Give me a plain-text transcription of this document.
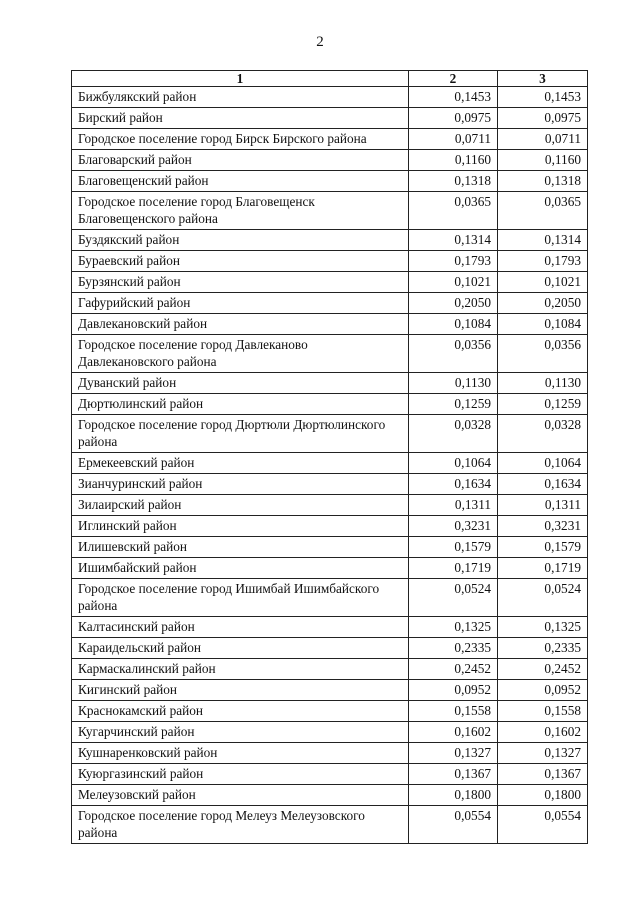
2
1	2	3
Бижбулякский район	0,1453	0,1453
Бирский район	0,0975	0,0975
Городское поселение город Бирск Бирского района	0,0711	0,0711
Благоварский район	0,1160	0,1160
Благовещенский район	0,1318	0,1318
Городское поселение город Благовещенск Благовещенского района	0,0365	0,0365
Буздякский район	0,1314	0,1314
Бураевский район	0,1793	0,1793
Бурзянский район	0,1021	0,1021
Гафурийский район	0,2050	0,2050
Давлекановский район	0,1084	0,1084
Городское поселение город Давлеканово Давлекановского района	0,0356	0,0356
Дуванский район	0,1130	0,1130
Дюртюлинский район	0,1259	0,1259
Городское поселение город Дюртюли Дюртюлинского района	0,0328	0,0328
Ермекеевский район	0,1064	0,1064
Зианчуринский район	0,1634	0,1634
Зилаирский район	0,1311	0,1311
Иглинский район	0,3231	0,3231
Илишевский район	0,1579	0,1579
Ишимбайский район	0,1719	0,1719
Городское поселение город Ишимбай Ишимбайского района	0,0524	0,0524
Калтасинский район	0,1325	0,1325
Караидельский район	0,2335	0,2335
Кармаскалинский район	0,2452	0,2452
Кигинский район	0,0952	0,0952
Краснокамский район	0,1558	0,1558
Кугарчинский район	0,1602	0,1602
Кушнаренковский район	0,1327	0,1327
Куюргазинский район	0,1367	0,1367
Мелеузовский район	0,1800	0,1800
Городское поселение город Мелеуз Мелеузовского района	0,0554	0,0554
